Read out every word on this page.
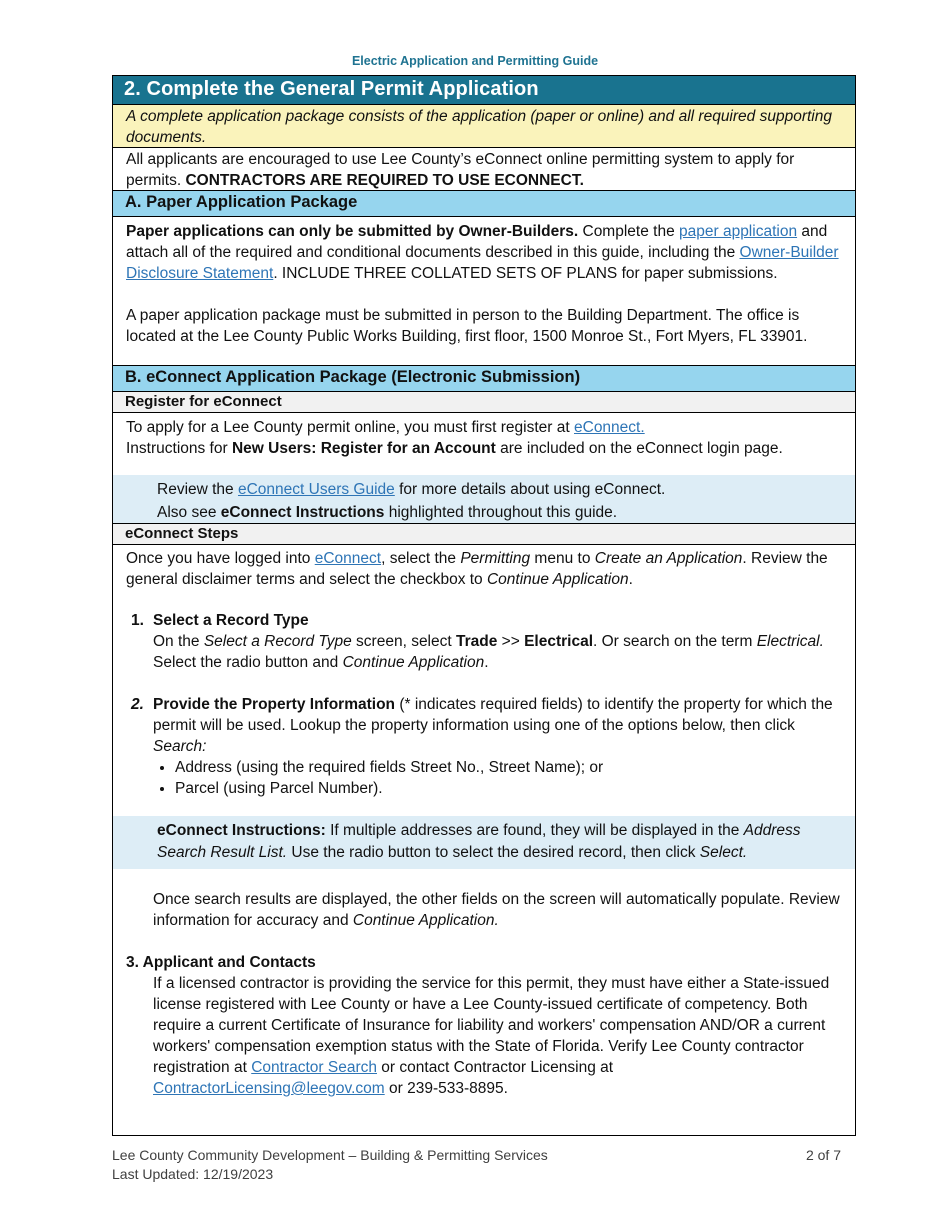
Electric Application and Permitting Guide
2. Complete the General Permit Application
A complete application package consists of the application (paper or online) and all required supporting documents.
All applicants are encouraged to use Lee County’s eConnect online permitting system to apply for permits. CONTRACTORS ARE REQUIRED TO USE ECONNECT.
A. Paper Application Package

Paper applications can only be submitted by Owner-Builders. Complete the paper application and attach all of the required and conditional documents described in this guide, including the Owner-Builder Disclosure Statement. INCLUDE THREE COLLATED SETS OF PLANS for paper submissions.

A paper application package must be submitted in person to the Building Department. The office is located at the Lee County Public Works Building, first floor, 1500 Monroe St., Fort Myers, FL 33901.

B. eConnect Application Package (Electronic Submission)
Register for eConnect

To apply for a Lee County permit online, you must first register at eConnect.

Instructions for New Users: Register for an Account are included on the eConnect login page.

Review the eConnect Users Guide for more details about using eConnect.

Also see eConnect Instructions highlighted throughout this guide.

eConnect Steps

Once you have logged into eConnect, select the Permitting menu to Create an Application. Review the general disclaimer terms and select the checkbox to Continue Application.

1. Select a Record Type
On the Select a Record Type screen, select Trade >> Electrical. Or search on the term Electrical. Select the radio button and Continue Application.
2. Provide the Property Information (* indicates required fields) to identify the property for which the permit will be used. Lookup the property information using one of the options below, then click Search:
• Address (using the required fields Street No., Street Name); or
• Parcel (using Parcel Number).

eConnect Instructions: If multiple addresses are found, they will be displayed in the Address Search Result List. Use the radio button to select the desired record, then click Select.

Once search results are displayed, the other fields on the screen will automatically populate. Review information for accuracy and Continue Application.

3. Applicant and Contacts

If a licensed contractor is providing the service for this permit, they must have either a State-issued license registered with Lee County or have a Lee County-issued certificate of competency. Both require a current Certificate of Insurance for liability and workers' compensation AND/OR a current workers' compensation exemption status with the State of Florida. Verify Lee County contractor registration at Contractor Search or contact Contractor Licensing at ContractorLicensing@leegov.com or 239-533-8895.

Lee County Community Development – Building & Permitting Services

Last Updated: 12/19/2023

2 of 7
